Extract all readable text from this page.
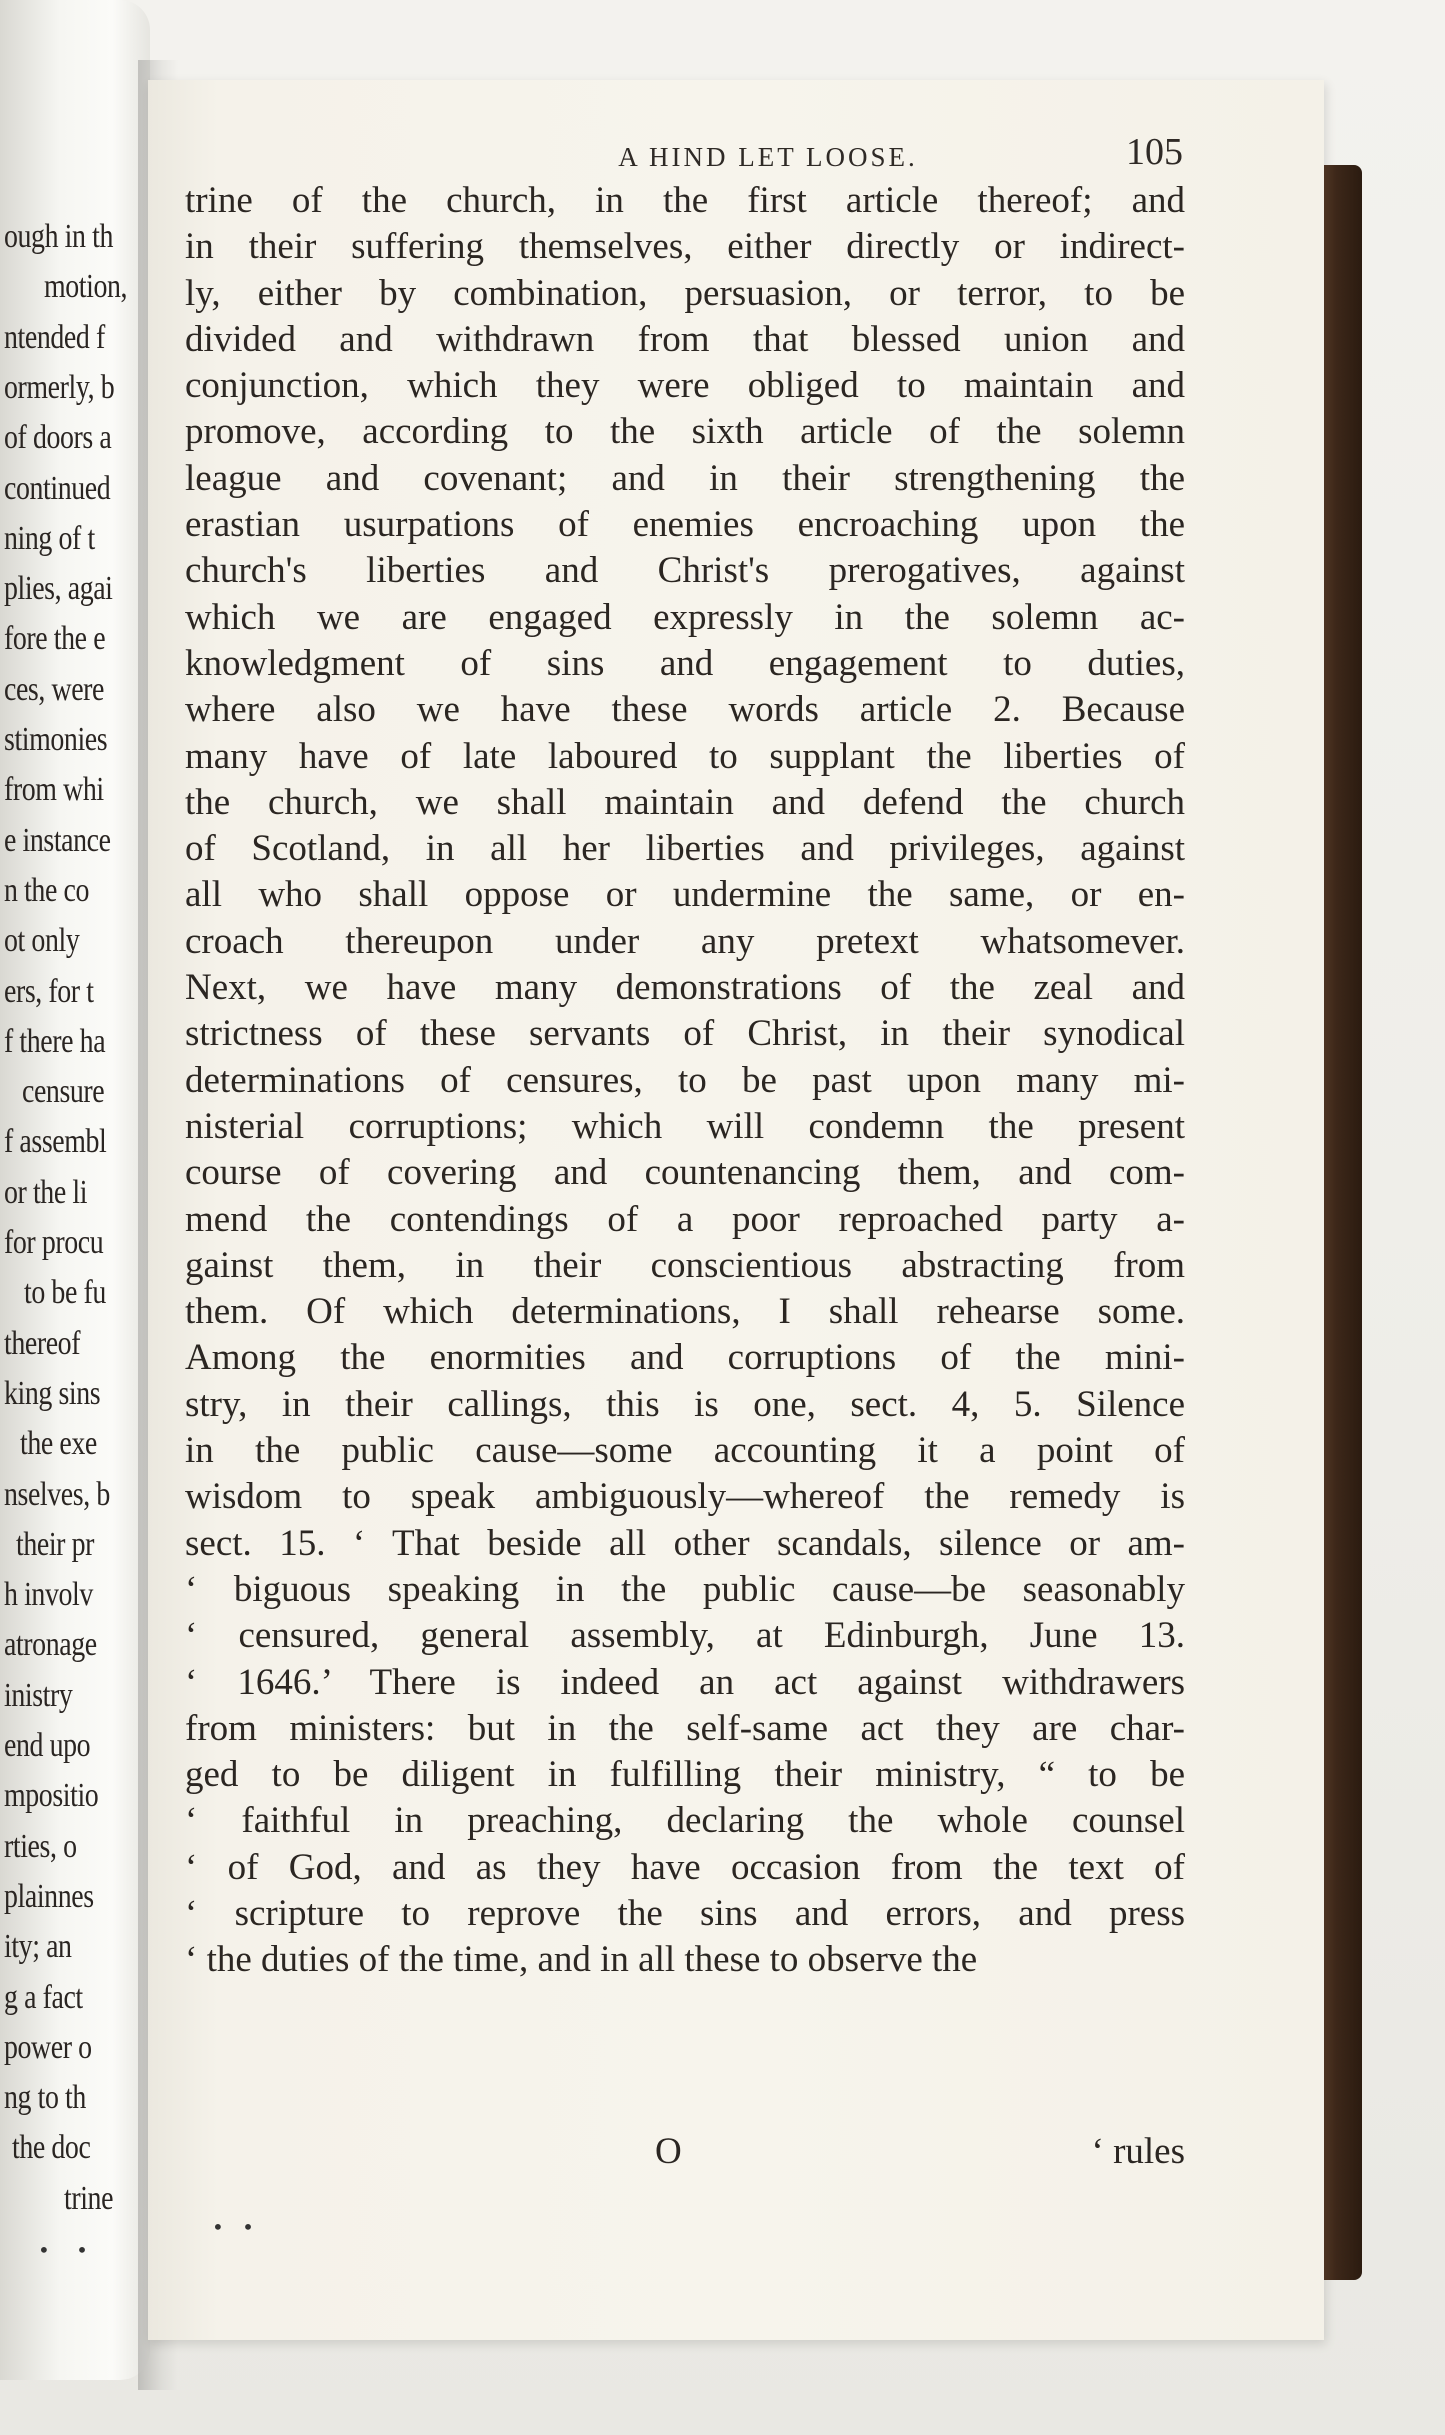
ough in th
motion,
ntended f
ormerly, b
of doors a
continued
ning of t
plies, agai
fore the e
ces, were
stimonies
from whi
e instance
n the co
ot only
ers, for t
f there ha
censure
f assembl
or the li
for procu
to be fu
thereof
king sins
the exe
nselves, b
their pr
h involv
atronage
inistry
end upo
mpositio
rties, o
plainnes
ity; an
g a fact
power o
ng to th
the doc
trine
A HIND LET LOOSE.	105
trine of the church, in the first article thereof; and
in their suffering themselves, either directly or indirect-
ly, either by combination, persuasion, or terror, to be
divided and withdrawn from that blessed union and
conjunction, which they were obliged to maintain and
promove, according to the sixth article of the solemn
league and covenant; and in their strengthening the
erastian usurpations of enemies encroaching upon the
church's liberties and Christ's prerogatives, against
which we are engaged expressly in the solemn ac-
knowledgment of sins and engagement to duties,
where also we have these words article 2. Because
many have of late laboured to supplant the liberties of
the church, we shall maintain and defend the church
of Scotland, in all her liberties and privileges, against
all who shall oppose or undermine the same, or en-
croach thereupon under any pretext whatsomever.
Next, we have many demonstrations of the zeal and
strictness of these servants of Christ, in their synodical
determinations of censures, to be past upon many mi-
nisterial corruptions; which will condemn the present
course of covering and countenancing them, and com-
mend the contendings of a poor reproached party a-
gainst them, in their conscientious abstracting from
them. Of which determinations, I shall rehearse some.
Among the enormities and corruptions of the mini-
stry, in their callings, this is one, sect. 4, 5. Silence
in the public cause—some accounting it a point of
wisdom to speak ambiguously—whereof the remedy is
sect. 15. ‘ That beside all other scandals, silence or am-
‘ biguous speaking in the public cause—be seasonably
‘ censured, general assembly, at Edinburgh, June 13.
‘ 1646.’ There is indeed an act against withdrawers
from ministers: but in the self-same act they are char-
ged to be diligent in fulfilling their ministry, “ to be
‘ faithful in preaching, declaring the whole counsel
‘ of God, and as they have occasion from the text of
‘ scripture to reprove the sins and errors, and press
‘ the duties of the time, and in all these to observe the
O	‘ rules
• •
• •
